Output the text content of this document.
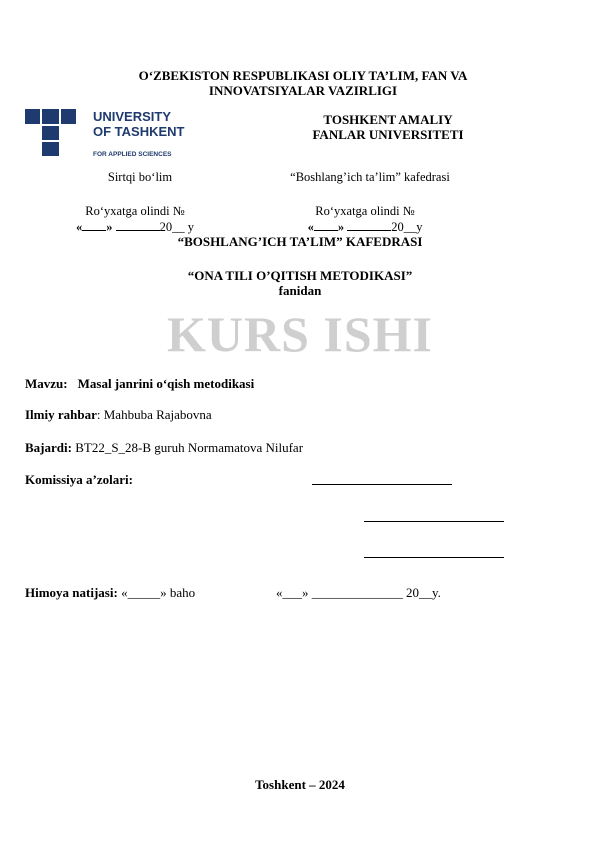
O‘ZBEKISTON RESPUBLIKASI OLIY TA’LIM, FAN VA
INNOVATSIYALAR VAZIRLIGI
UNIVERSITY
OF TASHKENT
FOR APPLIED SCIENCES
TOSHKENT AMALIY
FANLAR UNIVERSITETI
Sirtqi bo‘lim	“Boshlang’ich ta’lim” kafedrasi
Ro‘yxatga olindi №
« »	20__ y
Ro‘yxatga olindi №
« »	20__y
“BOSHLANG’ICH TA’LIM” KAFEDRASI
“ONA TILI O’QITISH METODIKASI”
fanidan
KURS ISHI
Mavzu: Masal janrini o‘qish metodikasi
Ilmiy rahbar: Mahbuba Rajabovna
Bajardi: BT22_S_28-B guruh Normamatova Nilufar
Komissiya a’zolari:
Himoya natijasi: «_____» baho	«___» ______________ 20__y.
Toshkent – 2024
